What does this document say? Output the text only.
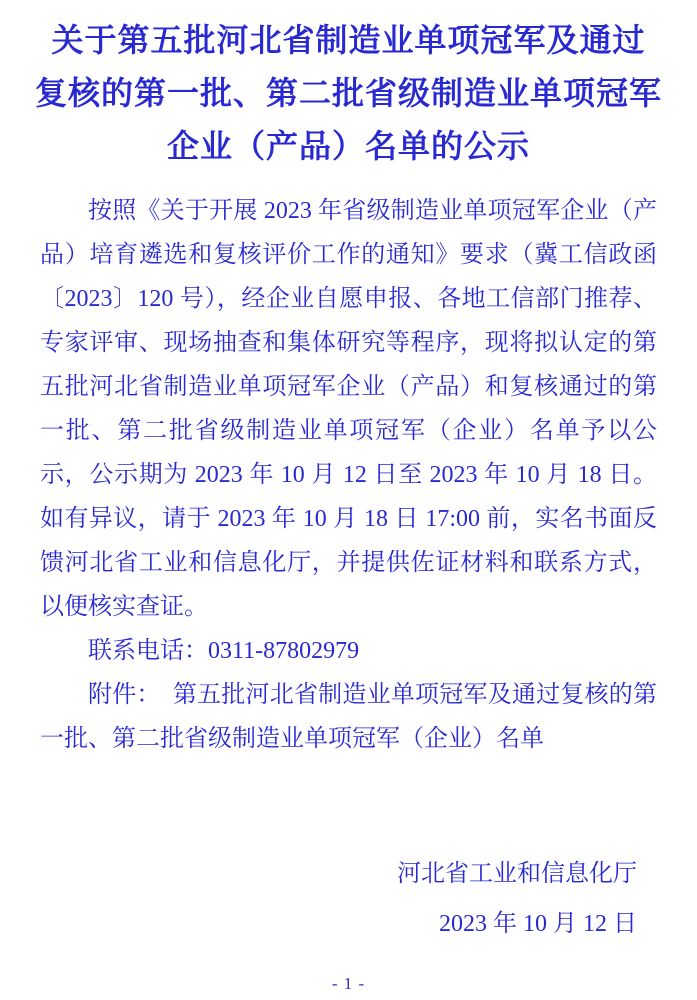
关于第五批河北省制造业单项冠军及通过
复核的第一批、第二批省级制造业单项冠军
企业（产品）名单的公示

按照《关于开展 2023 年省级制造业单项冠军企业（产品）培育遴选和复核评价工作的通知》要求（冀工信政函〔2023〕120 号），经企业自愿申报、各地工信部门推荐、专家评审、现场抽查和集体研究等程序，现将拟认定的第五批河北省制造业单项冠军企业（产品）和复核通过的第一批、第二批省级制造业单项冠军（企业）名单予以公示，公示期为 2023 年 10 月 12 日至 2023 年 10 月 18 日。如有异议，请于 2023 年 10 月 18 日 17:00 前，实名书面反馈河北省工业和信息化厅，并提供佐证材料和联系方式，以便核实查证。

联系电话：0311-87802979

附件：　第五批河北省制造业单项冠军及通过复核的第一批、第二批省级制造业单项冠军（企业）名单

河北省工业和信息化厅

2023 年 10 月 12 日

- 1 -
